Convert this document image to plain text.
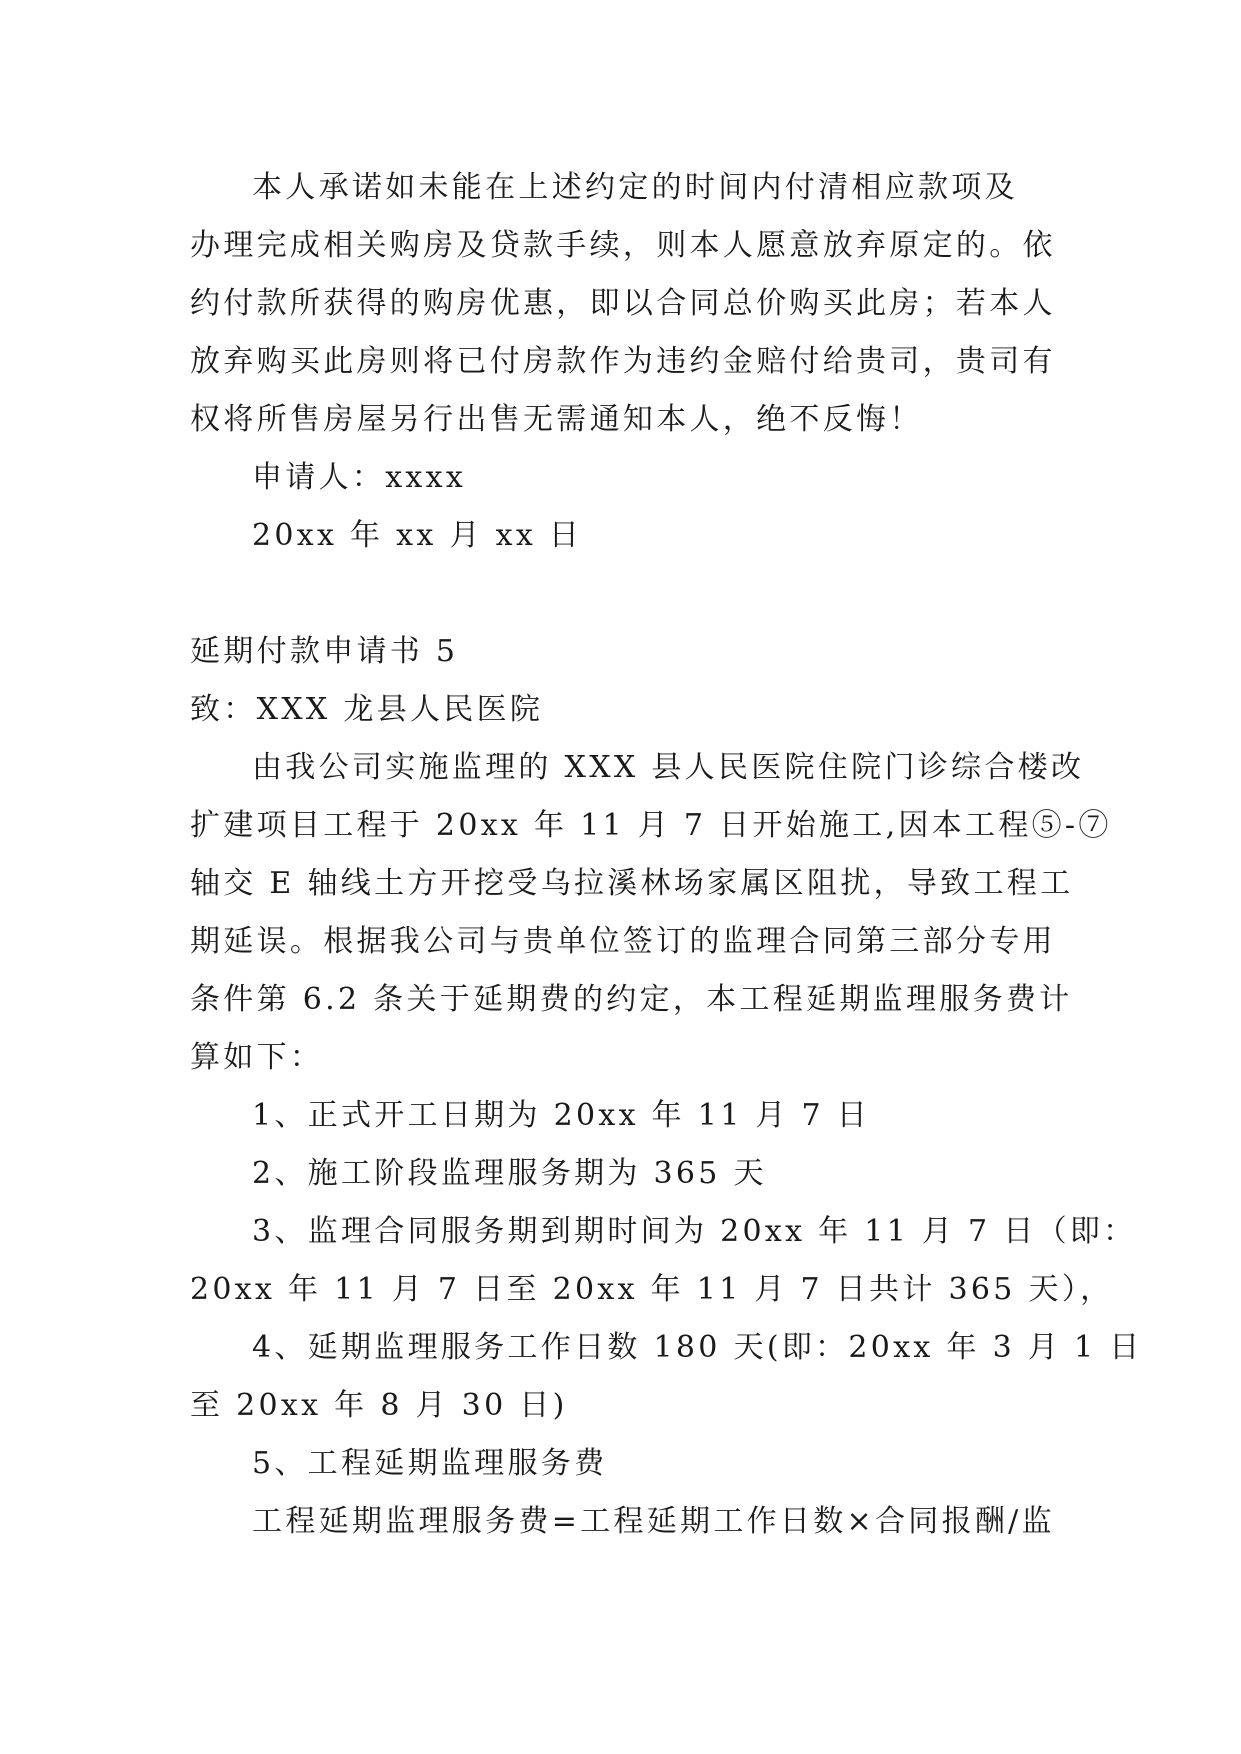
本人承诺如未能在上述约定的时间内付清相应款项及
办理完成相关购房及贷款手续，则本人愿意放弃原定的。依
约付款所获得的购房优惠，即以合同总价购买此房；若本人
放弃购买此房则将已付房款作为违约金赔付给贵司，贵司有
权将所售房屋另行出售无需通知本人，绝不反悔！
申请人：xxxx
20xx 年 xx 月 xx 日
延期付款申请书 5
致：XXX 龙县人民医院
由我公司实施监理的 XXX 县人民医院住院门诊综合楼改
扩建项目工程于 20xx 年 11 月 7 日开始施工,因本工程⑤-⑦
轴交 E 轴线土方开挖受乌拉溪林场家属区阻扰，导致工程工
期延误。根据我公司与贵单位签订的监理合同第三部分专用
条件第 6.2 条关于延期费的约定，本工程延期监理服务费计
算如下：
1、正式开工日期为 20xx 年 11 月 7 日
2、施工阶段监理服务期为 365 天
3、监理合同服务期到期时间为 20xx 年 11 月 7 日（即：
20xx 年 11 月 7 日至 20xx 年 11 月 7 日共计 365 天），
4、延期监理服务工作日数 180 天(即：20xx 年 3 月 1 日
至 20xx 年 8 月 30 日)
5、工程延期监理服务费
工程延期监理服务费=工程延期工作日数×合同报酬/监
